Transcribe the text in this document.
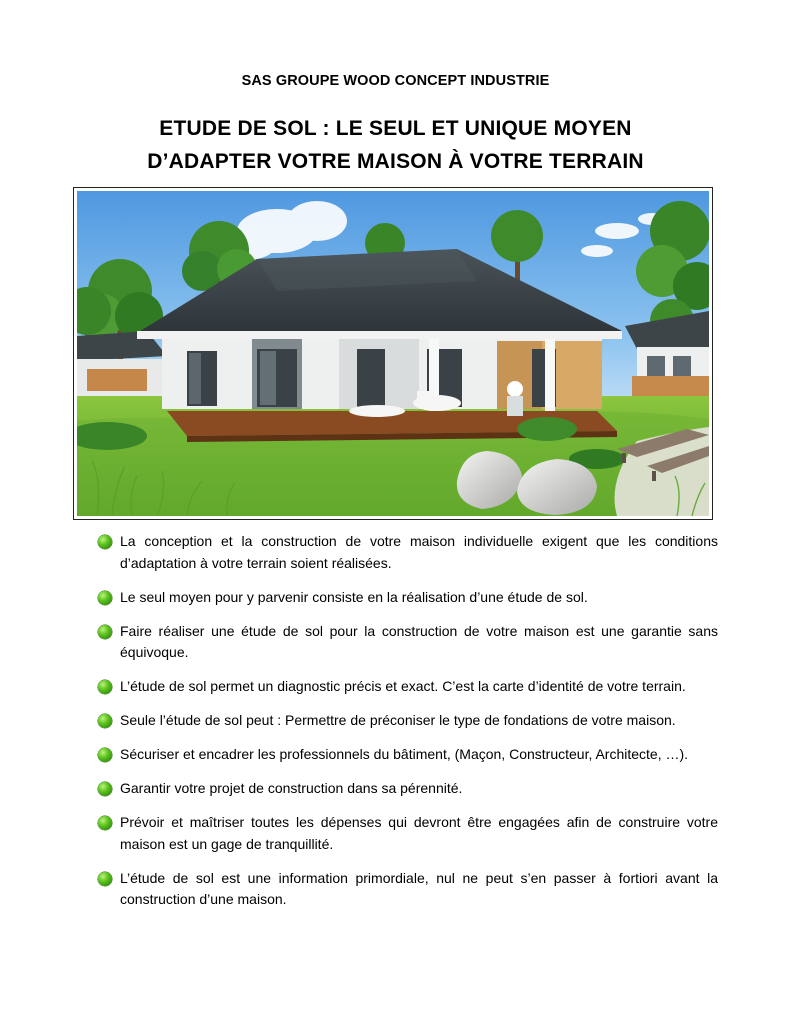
SAS GROUPE WOOD CONCEPT INDUSTRIE
ETUDE DE SOL : LE SEUL ET UNIQUE MOYEN
D’ADAPTER VOTRE MAISON À VOTRE TERRAIN
La conception et la construction de votre maison individuelle exigent que les conditions d’adaptation à votre terrain soient réalisées.
Le seul moyen pour y parvenir consiste en la réalisation d’une étude de sol.
Faire réaliser une étude de sol pour la construction de votre maison est une garantie sans équivoque.
L’étude de sol permet un diagnostic précis et exact. C’est la carte d’identité de votre terrain.
Seule l’étude de sol peut : Permettre de préconiser le type de fondations de votre maison.
Sécuriser et encadrer les professionnels du bâtiment, (Maçon, Constructeur, Architecte, …).
Garantir votre projet de construction dans sa pérennité.
Prévoir et maîtriser toutes les dépenses qui devront être engagées afin de construire votre maison est un gage de tranquillité.
L’étude de sol est une information primordiale, nul ne peut s’en passer à fortiori avant la construction d’une maison.
